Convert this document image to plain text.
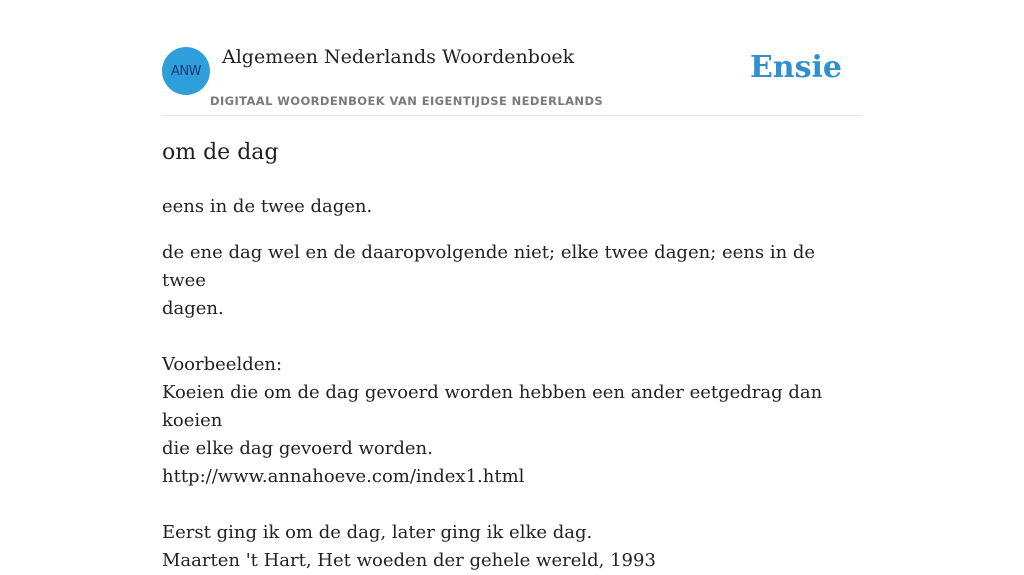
ANW
Algemeen Nederlands Woordenboek
DIGITAAL WOORDENBOEK VAN EIGENTIJDSE NEDERLANDS
Ensie
om de dag

eens in de twee dagen.

de ene dag wel en de daaropvolgende niet; elke twee dagen; eens in de twee
dagen.
Voorbeelden:
Koeien die om de dag gevoerd worden hebben een ander eetgedrag dan koeien
die elke dag gevoerd worden.
http://www.annahoeve.com/index1.html
Eerst ging ik om de dag, later ging ik elke dag.
Maarten 't Hart, Het woeden der gehele wereld, 1993
